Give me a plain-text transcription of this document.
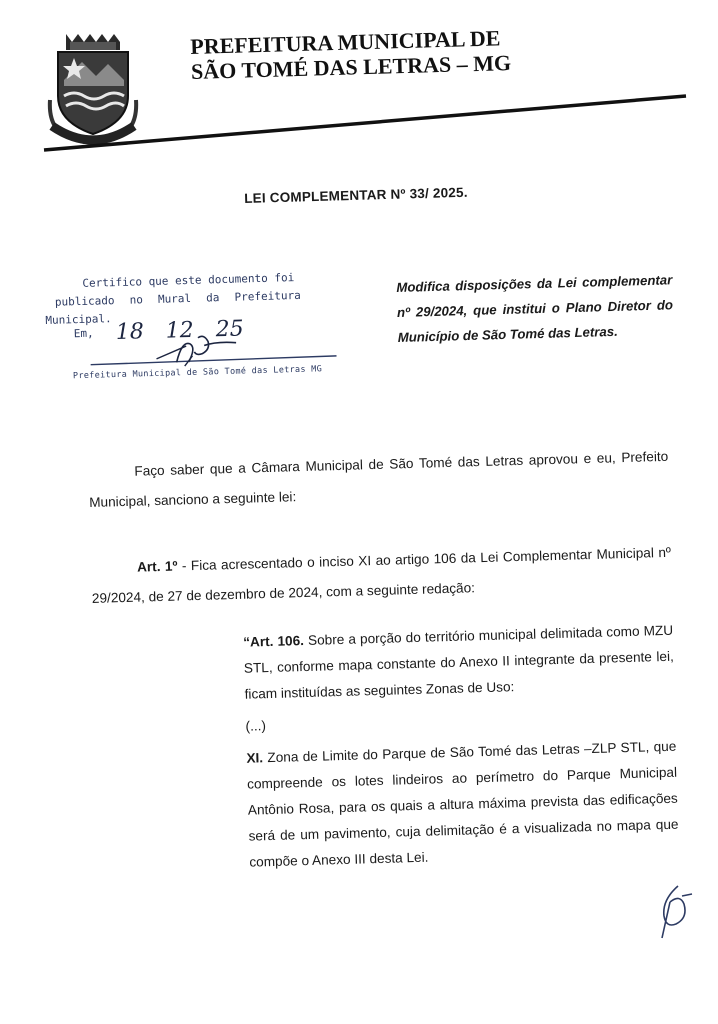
PREFEITURA MUNICIPAL DE
SÃO TOMÉ DAS LETRAS – MG
LEI COMPLEMENTAR Nº 33/ 2025.
Certifico que este documento foi
publicado no Mural da Prefeitura
Municipal.
Em, 18 12 25
Prefeitura Municipal de São Tomé das Letras MG
Modifica disposições da Lei complementar nº 29/2024, que institui o Plano Diretor do Município de São Tomé das Letras.

Faço saber que a Câmara Municipal de São Tomé das Letras aprovou e eu, Prefeito Municipal, sanciono a seguinte lei:

Art. 1º - Fica acrescentado o inciso XI ao artigo 106 da Lei Complementar Municipal nº 29/2024, de 27 de dezembro de 2024, com a seguinte redação:

“Art. 106. Sobre a porção do território municipal delimitada como MZU STL, conforme mapa constante do Anexo II integrante da presente lei, ficam instituídas as seguintes Zonas de Uso:

(...)

XI. Zona de Limite do Parque de São Tomé das Letras –ZLP STL, que compreende os lotes lindeiros ao perímetro do Parque Municipal Antônio Rosa, para os quais a altura máxima prevista das edificações será de um pavimento, cuja delimitação é a visualizada no mapa que compõe o Anexo III desta Lei.
